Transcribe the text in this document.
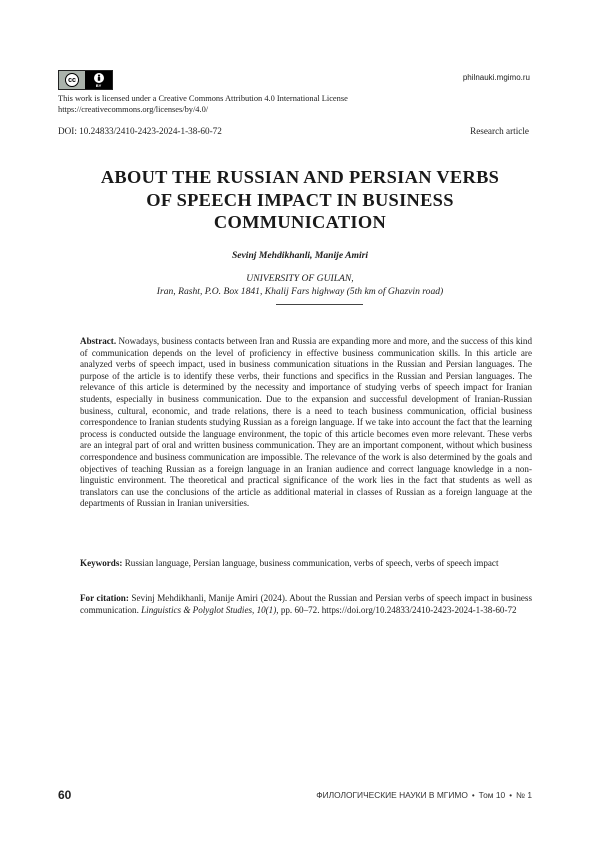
cc
BY
philnauki.mgimo.ru
This work is licensed under a Creative Commons Attribution 4.0 International License
https://creativecommons.org/licenses/by/4.0/
DOI: 10.24833/2410-2423-2024-1-38-60-72	Research article
ABOUT THE RUSSIAN AND PERSIAN VERBS
OF SPEECH IMPACT IN BUSINESS
COMMUNICATION
Sevinj Mehdikhanli, Manije Amiri
UNIVERSITY OF GUILAN,
Iran, Rasht, P.O. Box 1841, Khalij Fars highway (5th km of Ghazvin road)

Abstract. Nowadays, business contacts between Iran and Russia are expanding more and more, and the success of this kind of communication depends on the level of proficiency in effective business communication skills. In this article are analyzed verbs of speech impact, used in business communication situations in the Russian and Persian languages. The purpose of the article is to identify these verbs, their functions and specifics in the Russian and Persian languages. The relevance of this article is determined by the necessity and importance of studying verbs of speech impact for Iranian students, especially in business communication. Due to the expansion and successful development of Iranian-Russian business, cultural, economic, and trade relations, there is a need to teach business communication, official business correspondence to Iranian students studying Russian as a foreign language. If we take into account the fact that the learning process is conducted outside the language environment, the topic of this article becomes even more relevant. These verbs are an integral part of oral and written business communication. They are an important component, without which business correspondence and business communication are impossible. The relevance of the work is also determined by the goals and objectives of teaching Russian as a foreign language in an Iranian audience and correct language knowledge in a non-linguistic environment. The theoretical and practical significance of the work lies in the fact that students as well as translators can use the conclusions of the article as additional material in classes of Russian as a foreign language at the departments of Russian in Iranian universities.

Keywords: Russian language, Persian language, business communication, verbs of speech, verbs of speech impact

For citation: Sevinj Mehdikhanli, Manije Amiri (2024). About the Russian and Persian verbs of speech impact in business communication. Linguistics & Polyglot Studies, 10(1), pp. 60–72. https://doi.org/10.24833/2410-2423-2024-1-38-60-72

60	ФИЛОЛОГИЧЕСКИЕ НАУКИ В МГИМО • Том 10 • № 1
